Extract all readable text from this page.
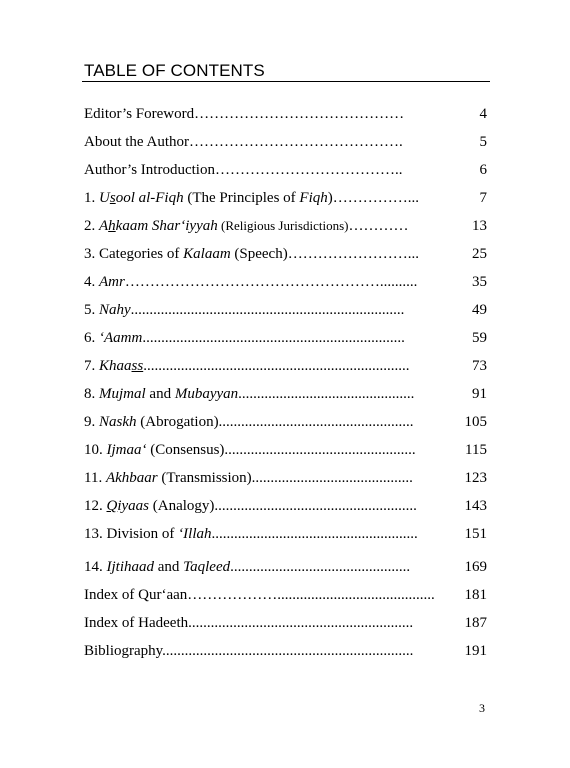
TABLE OF CONTENTS
Editor’s Foreword……………………………………	4
About the Author…………………………………….	5
Author’s Introduction………………………………..	6
1. Usool al-Fiqh (The Principles of Fiqh)……………...	7
2. Ahkaam Shar‘iyyah (Religious Jurisdictions)…………	13
3. Categories of Kalaam (Speech)……………………...	25
4. Amr……………………………………………..........	35
5. Nahy.........................................................................	49
6. ‘Aamm......................................................................	59
7. Khaass.......................................................................	73
8. Mujmal and Mubayyan...............................................	91
9. Naskh (Abrogation)....................................................	105
10. Ijmaa‘ (Consensus)...................................................	115
11. Akhbaar (Transmission)...........................................	123
12. Qiyaas (Analogy)......................................................	143
13. Division of ‘Illah.......................................................	151
14. Ijtihaad and Taqleed................................................	169
Index of Qur‘aan………………..........................................	181
Index of Hadeeth............................................................	187
Bibliography...................................................................	191
3
